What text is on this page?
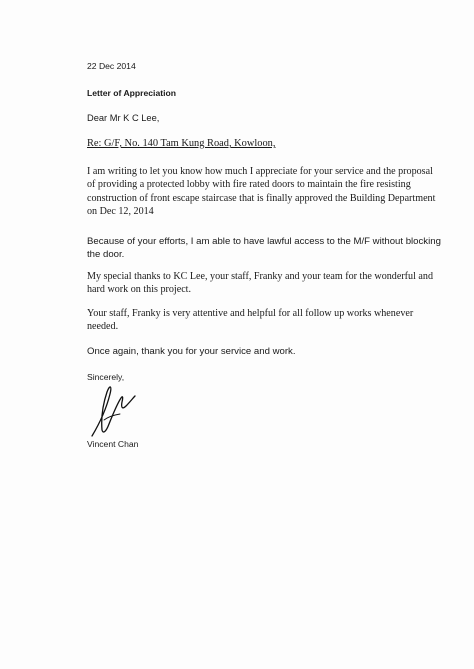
22 Dec 2014
Letter of Appreciation
Dear Mr K C Lee,
Re: G/F, No. 140 Tam Kung Road, Kowloon,
I am writing to let you know how much I appreciate for your service and the proposal
of providing a protected lobby with fire rated doors to maintain the fire resisting
construction of front escape staircase that is finally approved the Building Department
on Dec 12, 2014
Because of your efforts, I am able to have lawful access to the M/F without blocking
the door.
My special thanks to KC Lee, your staff, Franky and your team for the wonderful and
hard work on this project.
Your staff, Franky is very attentive and helpful for all follow up works whenever
needed.
Once again, thank you for your service and work.
Sincerely,
Vincent Chan
